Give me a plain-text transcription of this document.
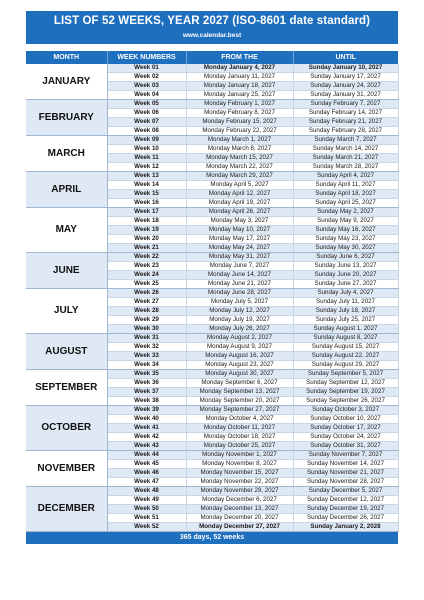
LIST OF 52 WEEKS, YEAR 2027 (ISO-8601 date standard)
www.calendar.best
MONTH	WEEK NUMBERS	FROM THE	UNTIL
JANUARY	Week 01	Monday January 4, 2027	Sunday January 10, 2027
	Week 02	Monday January 11, 2027	Sunday January 17, 2027
	Week 03	Monday January 18, 2027	Sunday January 24, 2027
	Week 04	Monday January 25, 2027	Sunday January 31, 2027
FEBRUARY	Week 05	Monday February 1, 2027	Sunday February 7, 2027
	Week 06	Monday February 8, 2027	Sunday February 14, 2027
	Week 07	Monday February 15, 2027	Sunday February 21, 2027
	Week 08	Monday February 22, 2027	Sunday February 28, 2027
MARCH	Week 09	Monday March 1, 2027	Sunday March 7, 2027
	Week 10	Monday March 8, 2027	Sunday March 14, 2027
	Week 11	Monday March 15, 2027	Sunday March 21, 2027
	Week 12	Monday March 22, 2027	Sunday March 28, 2027
APRIL	Week 13	Monday March 29, 2027	Sunday April 4, 2027
	Week 14	Monday April 5, 2027	Sunday April 11, 2027
	Week 15	Monday April 12, 2027	Sunday April 18, 2027
	Week 16	Monday April 19, 2027	Sunday April 25, 2027
MAY	Week 17	Monday April 26, 2027	Sunday May 2, 2027
	Week 18	Monday May 3, 2027	Sunday May 9, 2027
	Week 19	Monday May 10, 2027	Sunday May 16, 2027
	Week 20	Monday May 17, 2027	Sunday May 23, 2027
	Week 21	Monday May 24, 2027	Sunday May 30, 2027
JUNE	Week 22	Monday May 31, 2027	Sunday June 6, 2027
	Week 23	Monday June 7, 2027	Sunday June 13, 2027
	Week 24	Monday June 14, 2027	Sunday June 20, 2027
	Week 25	Monday June 21, 2027	Sunday June 27, 2027
JULY	Week 26	Monday June 28, 2027	Sunday July 4, 2027
	Week 27	Monday July 5, 2027	Sunday July 11, 2027
	Week 28	Monday July 12, 2027	Sunday July 18, 2027
	Week 29	Monday July 19, 2027	Sunday July 25, 2027
	Week 30	Monday July 26, 2027	Sunday August 1, 2027
AUGUST	Week 31	Monday August 2, 2027	Sunday August 8, 2027
	Week 32	Monday August 9, 2027	Sunday August 15, 2027
	Week 33	Monday August 16, 2027	Sunday August 22, 2027
	Week 34	Monday August 23, 2027	Sunday August 29, 2027
SEPTEMBER	Week 35	Monday August 30, 2027	Sunday September 5, 2027
	Week 36	Monday September 6, 2027	Sunday September 12, 2027
	Week 37	Monday September 13, 2027	Sunday September 19, 2027
	Week 38	Monday September 20, 2027	Sunday September 26, 2027
OCTOBER	Week 39	Monday September 27, 2027	Sunday October 3, 2027
	Week 40	Monday October 4, 2027	Sunday October 10, 2027
	Week 41	Monday October 11, 2027	Sunday October 17, 2027
	Week 42	Monday October 18, 2027	Sunday October 24, 2027
	Week 43	Monday October 25, 2027	Sunday October 31, 2027
NOVEMBER	Week 44	Monday November 1, 2027	Sunday November 7, 2027
	Week 45	Monday November 8, 2027	Sunday November 14, 2027
	Week 46	Monday November 15, 2027	Sunday November 21, 2027
	Week 47	Monday November 22, 2027	Sunday November 28, 2027
DECEMBER	Week 48	Monday November 29, 2027	Sunday December 5, 2027
	Week 49	Monday December 6, 2027	Sunday December 12, 2027
	Week 50	Monday December 13, 2027	Sunday December 19, 2027
	Week 51	Monday December 20, 2027	Sunday December 26, 2027
	Week 52	Monday December 27, 2027	Sunday January 2, 2028
365 days, 52 weeks
